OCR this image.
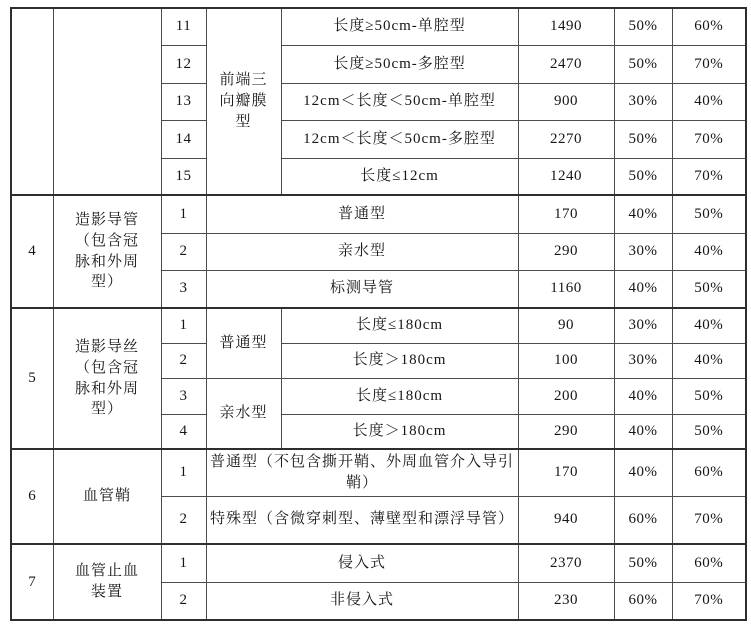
		11	前端三向瓣膜型	长度≥50cm-单腔型	1490	50%	60%
		12		长度≥50cm-多腔型	2470	50%	70%
		13		12cm＜长度＜50cm-单腔型	900	30%	40%
		14		12cm＜长度＜50cm-多腔型	2270	50%	70%
		15		长度≤12cm	1240	50%	70%
4	造影导管（包含冠脉和外周型）	1	普通型		170	40%	50%
		2	亲水型		290	30%	40%
		3	标测导管		1160	40%	50%
5	造影导丝（包含冠脉和外周型）	1	普通型	长度≤180cm	90	30%	40%
		2		长度＞180cm	100	30%	40%
		3	亲水型	长度≤180cm	200	40%	50%
		4		长度＞180cm	290	40%	50%
6	血管鞘	1	普通型（不包含撕开鞘、外周血管介入导引鞘）		170	40%	60%
		2	特殊型（含微穿刺型、薄壁型和漂浮导管）		940	60%	70%
7	血管止血装置	1	侵入式		2370	50%	60%
		2	非侵入式		230	60%	70%
